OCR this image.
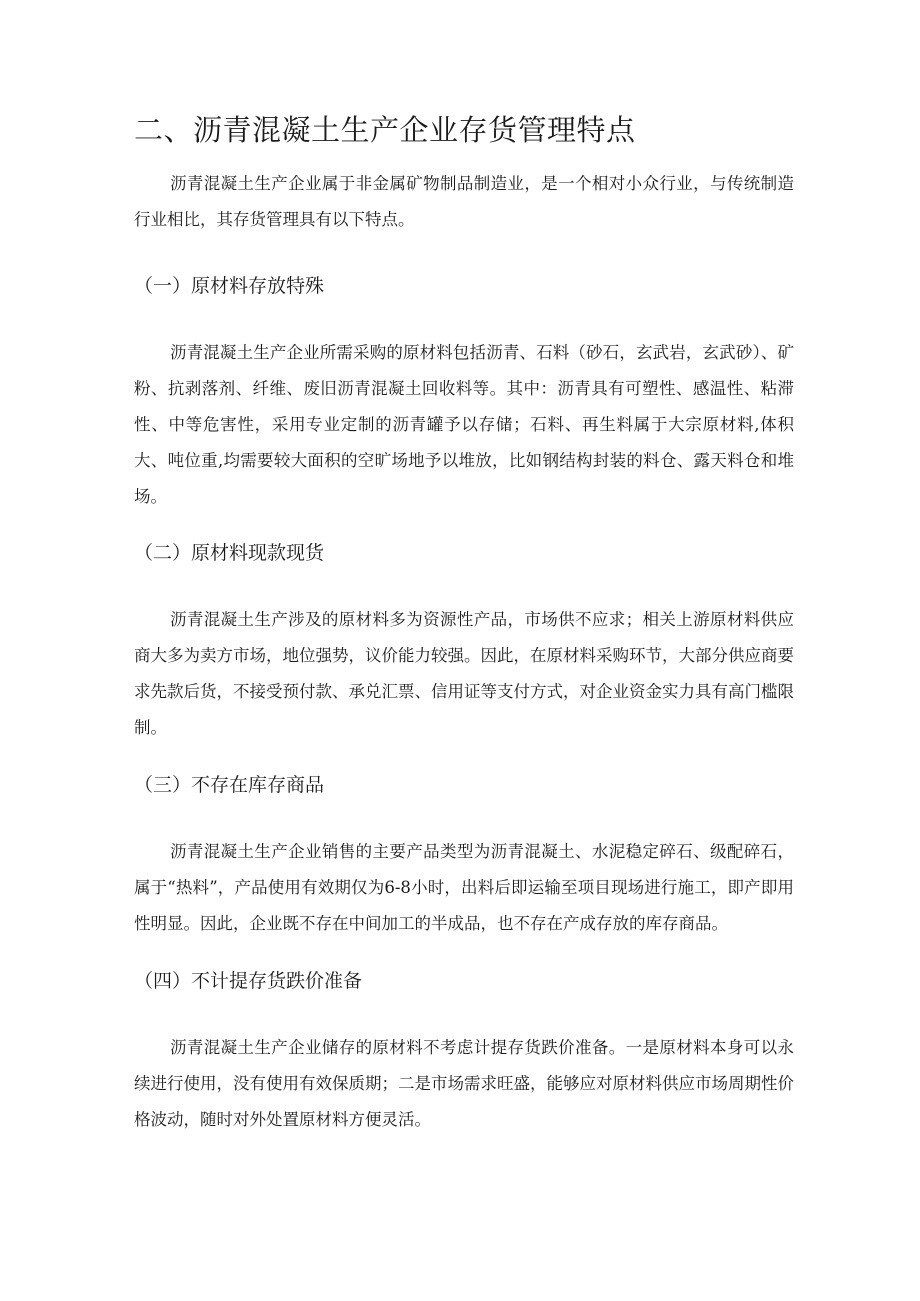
二、沥青混凝土生产企业存货管理特点

沥青混凝土生产企业属于非金属矿物制品制造业，是一个相对小众行业，与传统制造行业相比，其存货管理具有以下特点。

（一）原材料存放特殊

沥青混凝土生产企业所需采购的原材料包括沥青、石料（砂石，玄武岩，玄武砂）、矿粉、抗剥落剂、纤维、废旧沥青混凝土回收料等。其中：沥青具有可塑性、感温性、粘滞性、中等危害性，采用专业定制的沥青罐予以存储；石料、再生料属于大宗原材料,体积大、吨位重,均需要较大面积的空旷场地予以堆放，比如钢结构封装的料仓、露天料仓和堆场。

（二）原材料现款现货

沥青混凝土生产涉及的原材料多为资源性产品，市场供不应求；相关上游原材料供应商大多为卖方市场，地位强势，议价能力较强。因此，在原材料采购环节，大部分供应商要求先款后货，不接受预付款、承兑汇票、信用证等支付方式，对企业资金实力具有高门槛限制。

（三）不存在库存商品

沥青混凝土生产企业销售的主要产品类型为沥青混凝土、水泥稳定碎石、级配碎石，属于“热料”，产品使用有效期仅为6-8小时，出料后即运输至项目现场进行施工，即产即用性明显。因此，企业既不存在中间加工的半成品，也不存在产成存放的库存商品。

（四）不计提存货跌价准备

沥青混凝土生产企业储存的原材料不考虑计提存货跌价准备。一是原材料本身可以永续进行使用，没有使用有效保质期；二是市场需求旺盛，能够应对原材料供应市场周期性价格波动，随时对外处置原材料方便灵活。
